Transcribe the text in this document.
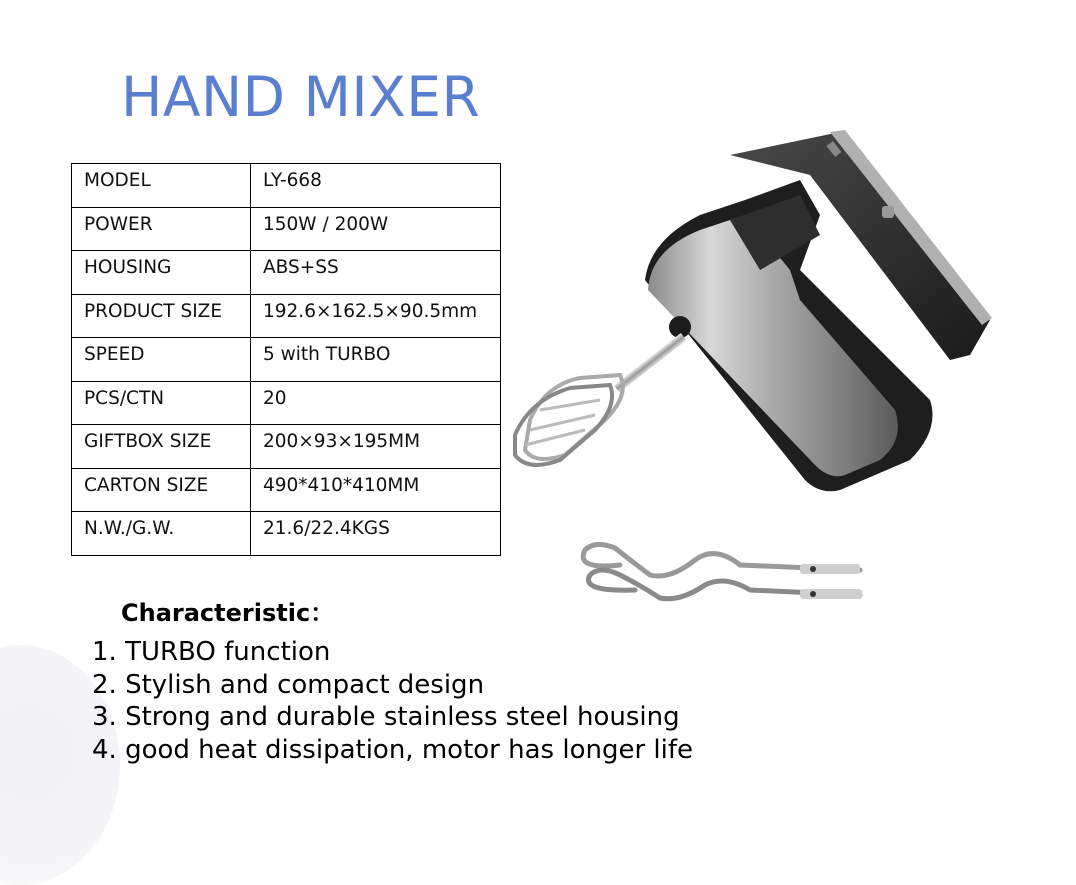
HAND MIXER
MODEL	LY-668
POWER	150W / 200W
HOUSING	ABS+SS
PRODUCT SIZE	192.6×162.5×90.5mm
SPEED	5 with TURBO
PCS/CTN	20
GIFTBOX SIZE	200×93×195MM
CARTON SIZE	490*410*410MM
N.W./G.W.	21.6/22.4KGS
Characteristic：
1. TURBO function
2. Stylish and compact design
3. Strong and durable stainless steel housing
4. good heat dissipation, motor has longer life
